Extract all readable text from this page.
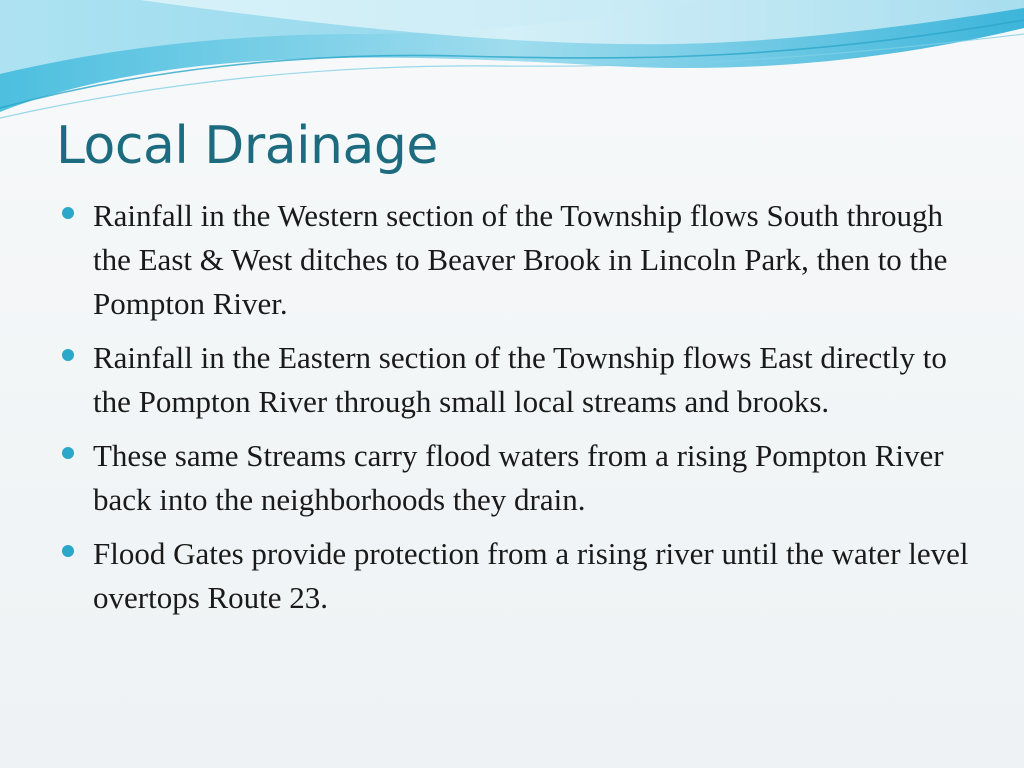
Local Drainage
Rainfall in the Western section of the Township flows South through the East & West ditches to Beaver Brook in Lincoln Park, then to the Pompton River.
Rainfall in the Eastern section of the Township flows East directly to the Pompton River through small local streams and brooks.
These same Streams carry flood waters from a rising Pompton River back into the neighborhoods they drain.
Flood Gates provide protection from a rising river until the water level overtops Route 23.
